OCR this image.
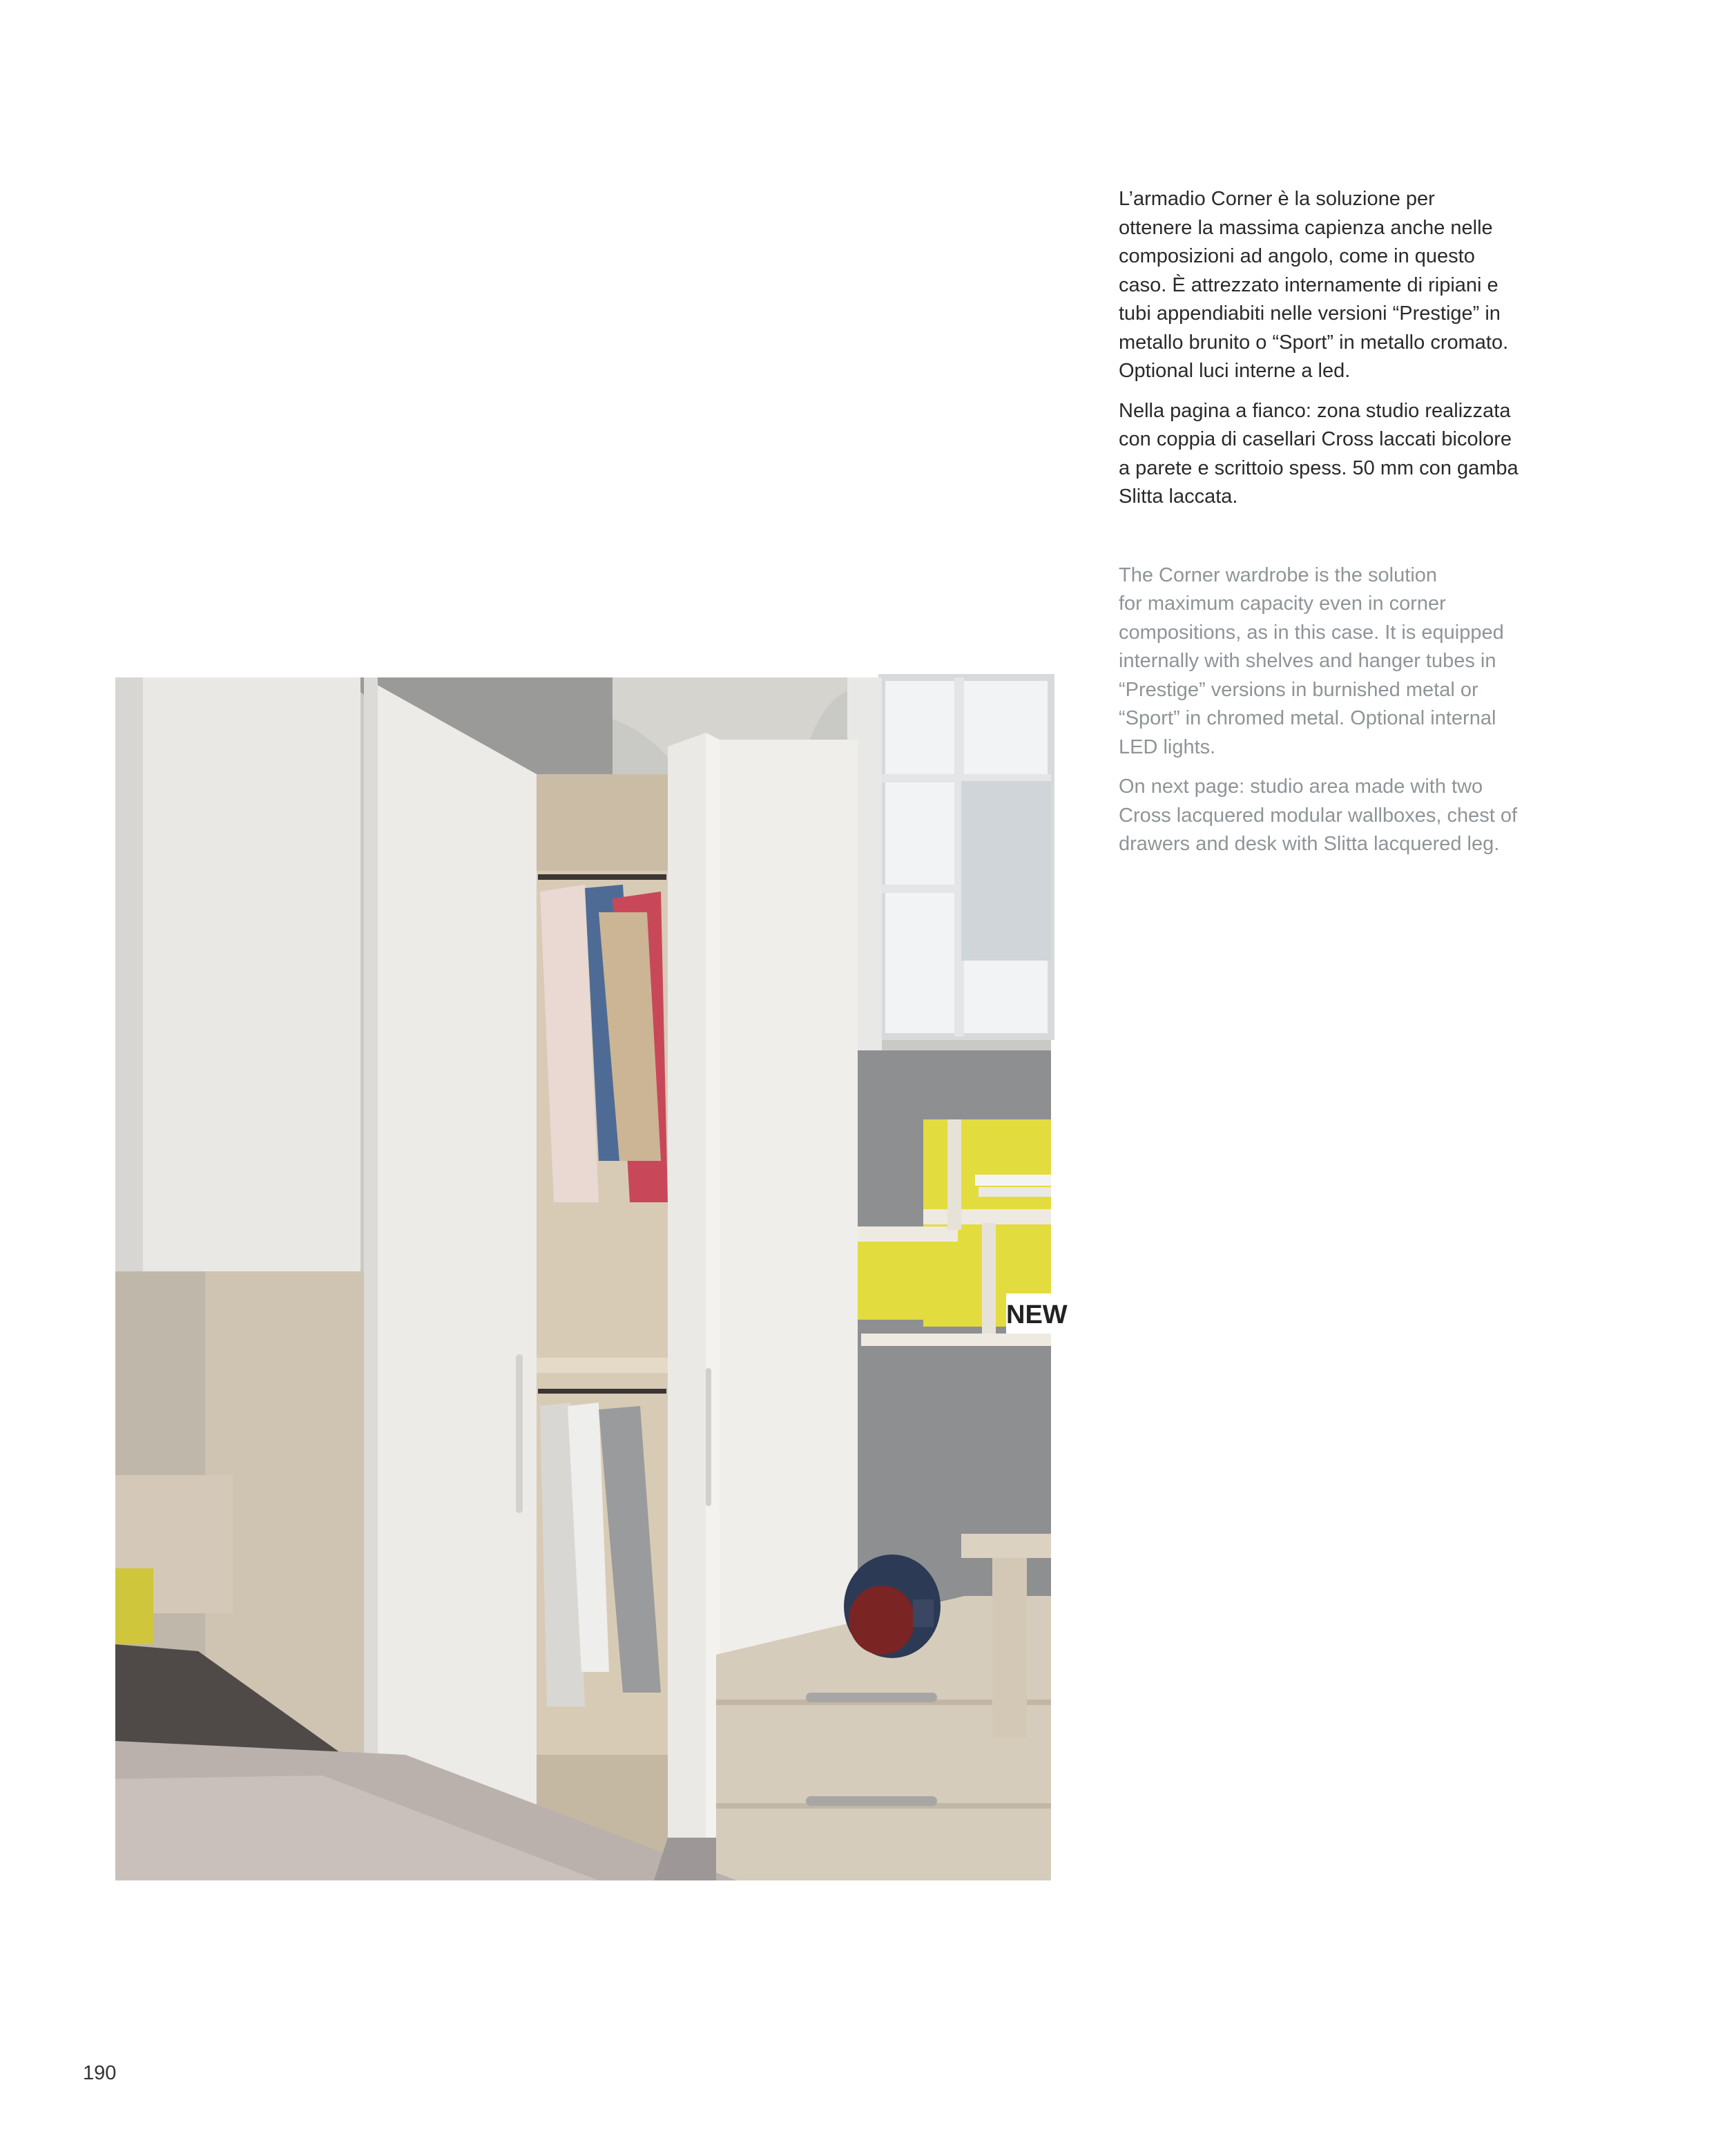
L’armadio Corner è la soluzione per
ottenere la massima capienza anche nelle
composizioni ad angolo, come in questo
caso. È attrezzato internamente di ripiani e
tubi appendiabiti nelle versioni “Prestige” in
metallo brunito o “Sport” in metallo cromato.
Optional luci interne a led.

Nella pagina a fianco: zona studio realizzata
con coppia di casellari Cross laccati bicolore
a parete e scrittoio spess. 50 mm con gamba
Slitta laccata.

The Corner wardrobe is the solution
for maximum capacity even in corner
compositions, as in this case. It is equipped
internally with shelves and hanger tubes in
“Prestige” versions in burnished metal or
“Sport” in chromed metal. Optional internal
LED lights.

On next page: studio area made with two
Cross lacquered modular wallboxes, chest of
drawers and desk with Slitta lacquered leg.

NEW
190
